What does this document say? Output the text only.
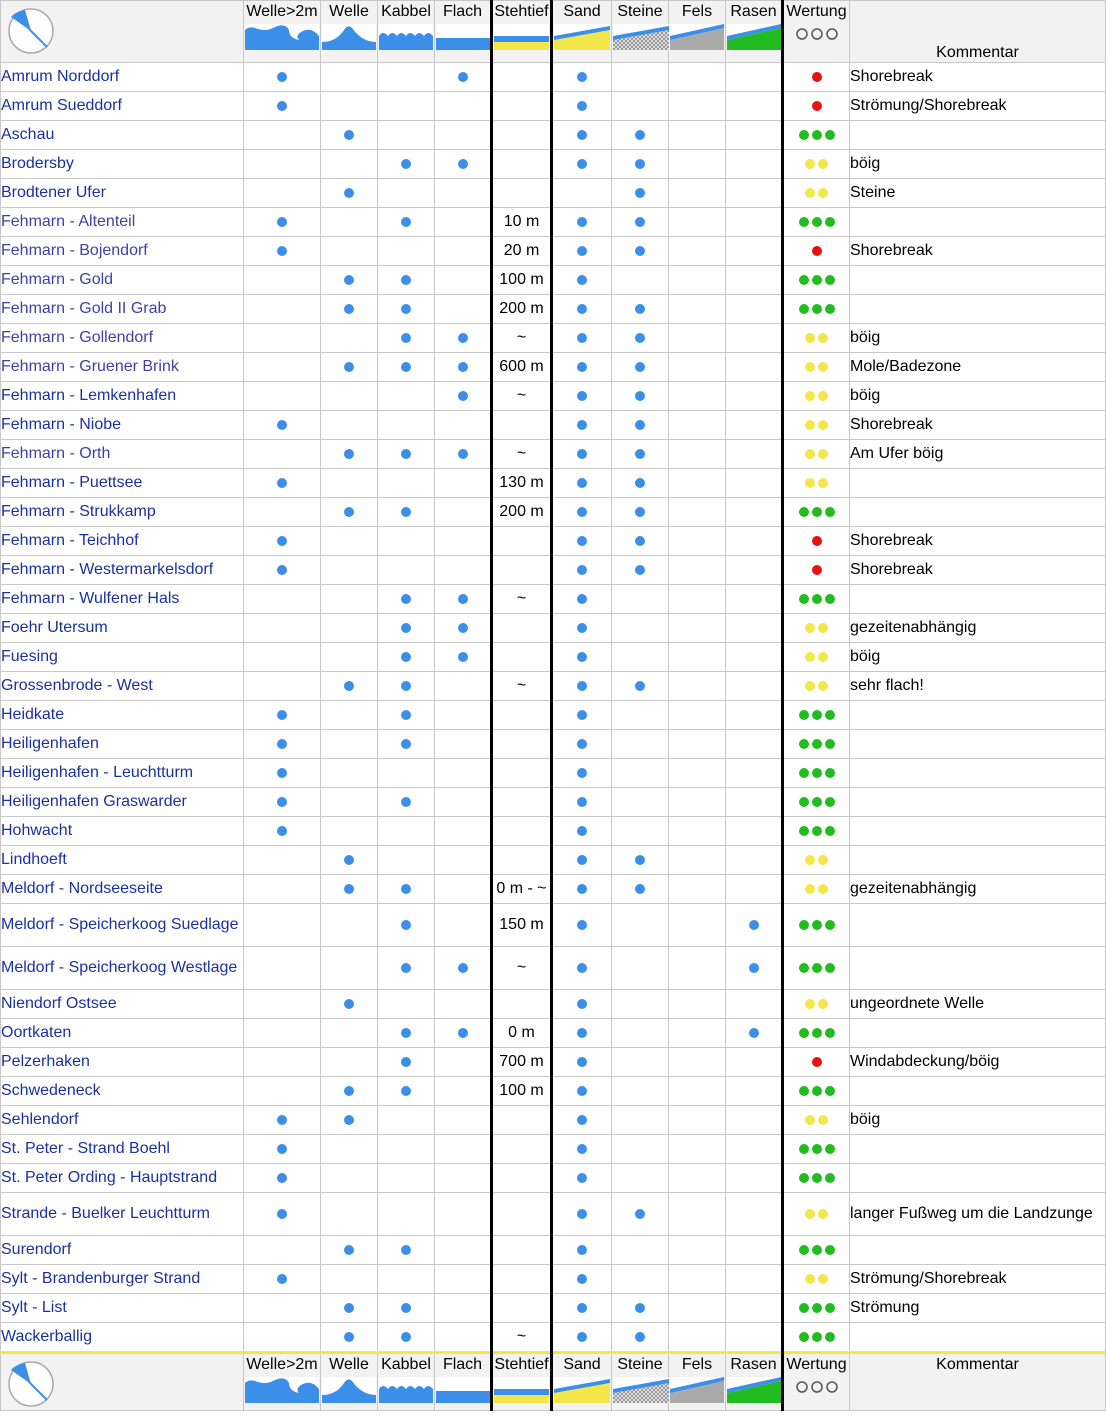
Welle>2m	Welle	Kabbel	Flach	Stehtief	Sand	Steine	Fels	Rasen	Wertung	Kommentar

Amrum Norddorf											Shorebreak
Amrum Sueddorf											Strömung/Shorebreak
Aschau											
Brodersby											böig
Brodtener Ufer											Steine
Fehmarn - Altenteil					10 m						
Fehmarn - Bojendorf					20 m						Shorebreak
Fehmarn - Gold					100 m						
Fehmarn - Gold II Grab					200 m						
Fehmarn - Gollendorf					~						böig
Fehmarn - Gruener Brink					600 m						Mole/Badezone
Fehmarn - Lemkenhafen					~						böig
Fehmarn - Niobe											Shorebreak
Fehmarn - Orth					~						Am Ufer böig
Fehmarn - Puettsee					130 m						
Fehmarn - Strukkamp					200 m						
Fehmarn - Teichhof											Shorebreak
Fehmarn - Westermarkelsdorf											Shorebreak
Fehmarn - Wulfener Hals					~						
Foehr Utersum											gezeitenabhängig
Fuesing											böig
Grossenbrode - West					~						sehr flach!
Heidkate											
Heiligenhafen											
Heiligenhafen - Leuchtturm											
Heiligenhafen Graswarder											
Hohwacht											
Lindhoeft											
Meldorf - Nordseeseite					0 m - ~						gezeitenabhängig
Meldorf - Speicherkoog Suedlage					150 m						
Meldorf - Speicherkoog Westlage					~						
Niendorf Ostsee											ungeordnete Welle
Oortkaten					0 m						
Pelzerhaken					700 m						Windabdeckung/böig
Schwedeneck					100 m						
Sehlendorf											böig
St. Peter - Strand Boehl											
St. Peter Ording - Hauptstrand											
Strande - Buelker Leuchtturm											langer Fußweg um die Landzunge
Surendorf											
Sylt - Brandenburger Strand											Strömung/Shorebreak
Sylt - List											Strömung
Wackerballig					~						

Welle>2m	Welle	Kabbel	Flach	Stehtief	Sand	Steine	Fels	Rasen	Wertung	Kommentar
